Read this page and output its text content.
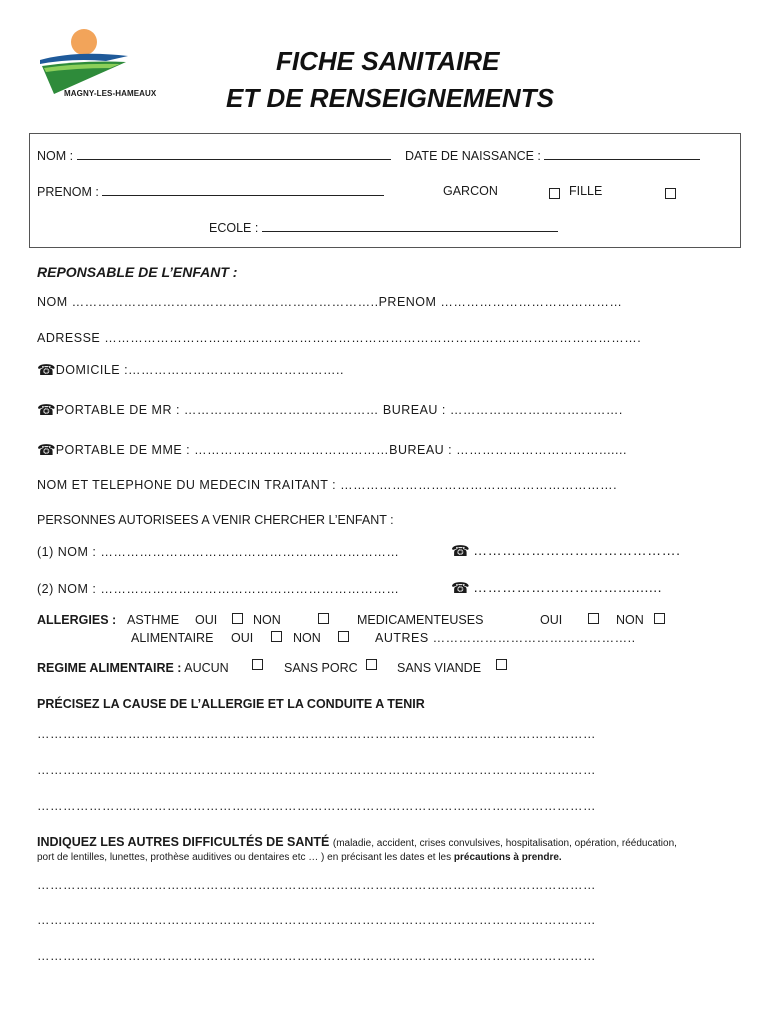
MAGNY-LES-HAMEAUX
FICHE SANITAIRE
ET DE RENSEIGNEMENTS
NOM :	DATE DE NAISSANCE :
PRENOM :	GARCON	FILLE
ECOLE :
REPONSABLE DE L’ENFANT :
NOM ……………………………………………………………..PRENOM ……………………………………
ADRESSE …………………………………………………………………………………………………………….
☎DOMICILE :…………………………………………..
☎PORTABLE DE MR : ……………………………………… BUREAU : ………………………………….
☎PORTABLE DE MME : ………………………………………BUREAU : …………………………….......
NOM ET TELEPHONE DU MEDECIN TRAITANT : ……………………………………………………….
PERSONNES AUTORISEES A VENIR CHERCHER L’ENFANT :
(1) NOM : ……………………………………………………………	☎ …………………………………….
(2) NOM : ……………………………………………………………	☎ …………………………..........
ALLERGIES : ASTHME OUI	NON	MEDICAMENTEUSES	OUI	NON
ALIMENTAIRE OUI	NON	AUTRES ………………………………………..
REGIME ALIMENTAIRE : AUCUN	SANS PORC	SANS VIANDE
PRÉCISEZ LA CAUSE DE L’ALLERGIE ET LA CONDUITE A TENIR
…………………………………………………………………………………………………………………
…………………………………………………………………………………………………………………
…………………………………………………………………………………………………………………
INDIQUEZ LES AUTRES DIFFICULTÉS DE SANTÉ (maladie, accident, crises convulsives, hospitalisation, opération, rééducation,
port de lentilles, lunettes, prothèse auditives ou dentaires etc … ) en précisant les dates et les précautions à prendre.
…………………………………………………………………………………………………………………
…………………………………………………………………………………………………………………
…………………………………………………………………………………………………………………
